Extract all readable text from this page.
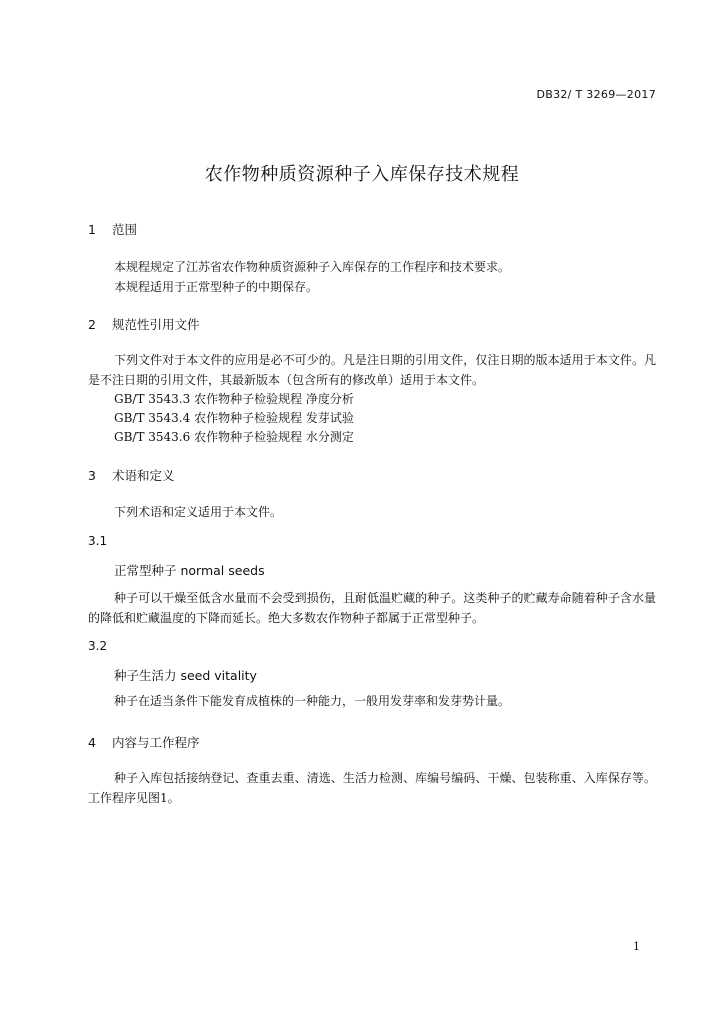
DB32/ T 3269—2017
农作物种质资源种子入库保存技术规程
1 范围
本规程规定了江苏省农作物种质资源种子入库保存的工作程序和技术要求。
本规程适用于正常型种子的中期保存。
2 规范性引用文件

下列文件对于本文件的应用是必不可少的。凡是注日期的引用文件，仅注日期的版本适用于本文件。凡是不注日期的引用文件，其最新版本（包含所有的修改单）适用于本文件。

GB/T 3543.3 农作物种子检验规程 净度分析
GB/T 3543.4 农作物种子检验规程 发芽试验
GB/T 3543.6 农作物种子检验规程 水分测定
3 术语和定义
下列术语和定义适用于本文件。
3.1
正常型种子 normal seeds

种子可以干燥至低含水量而不会受到损伤，且耐低温贮藏的种子。这类种子的贮藏寿命随着种子含水量的降低和贮藏温度的下降而延长。绝大多数农作物种子都属于正常型种子。

3.2
种子生活力 seed vitality

种子在适当条件下能发育成植株的一种能力，一般用发芽率和发芽势计量。

4 内容与工作程序

种子入库包括接纳登记、查重去重、清选、生活力检测、库编号编码、干燥、包装称重、入库保存等。工作程序见图1。

1
